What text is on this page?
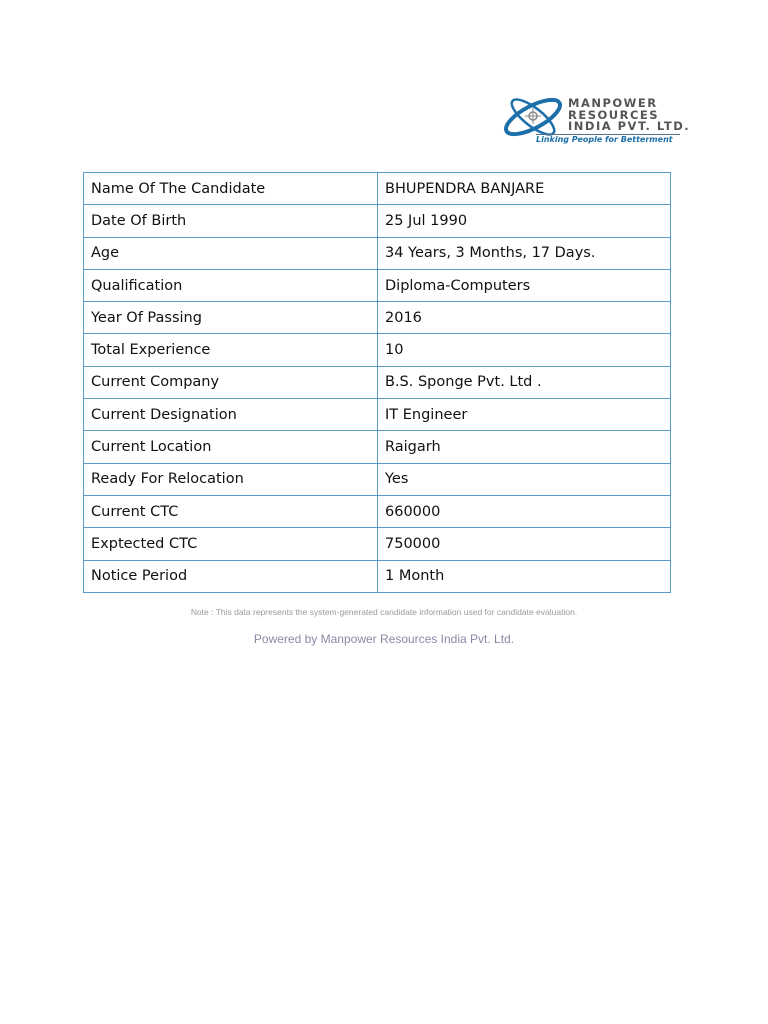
MANPOWER
RESOURCES
INDIA PVT. LTD.
Linking People for Betterment
Name Of The Candidate	BHUPENDRA BANJARE
Date Of Birth	25 Jul 1990
Age	34 Years, 3 Months, 17 Days.
Qualification	Diploma-Computers
Year Of Passing	2016
Total Experience	10
Current Company	B.S. Sponge Pvt. Ltd .
Current Designation	IT Engineer
Current Location	Raigarh
Ready For Relocation	Yes
Current CTC	660000
Exptected CTC	750000
Notice Period	1 Month
Note : This data represents the system-generated candidate information used for candidate evaluation.
Powered by Manpower Resources India Pvt. Ltd.
